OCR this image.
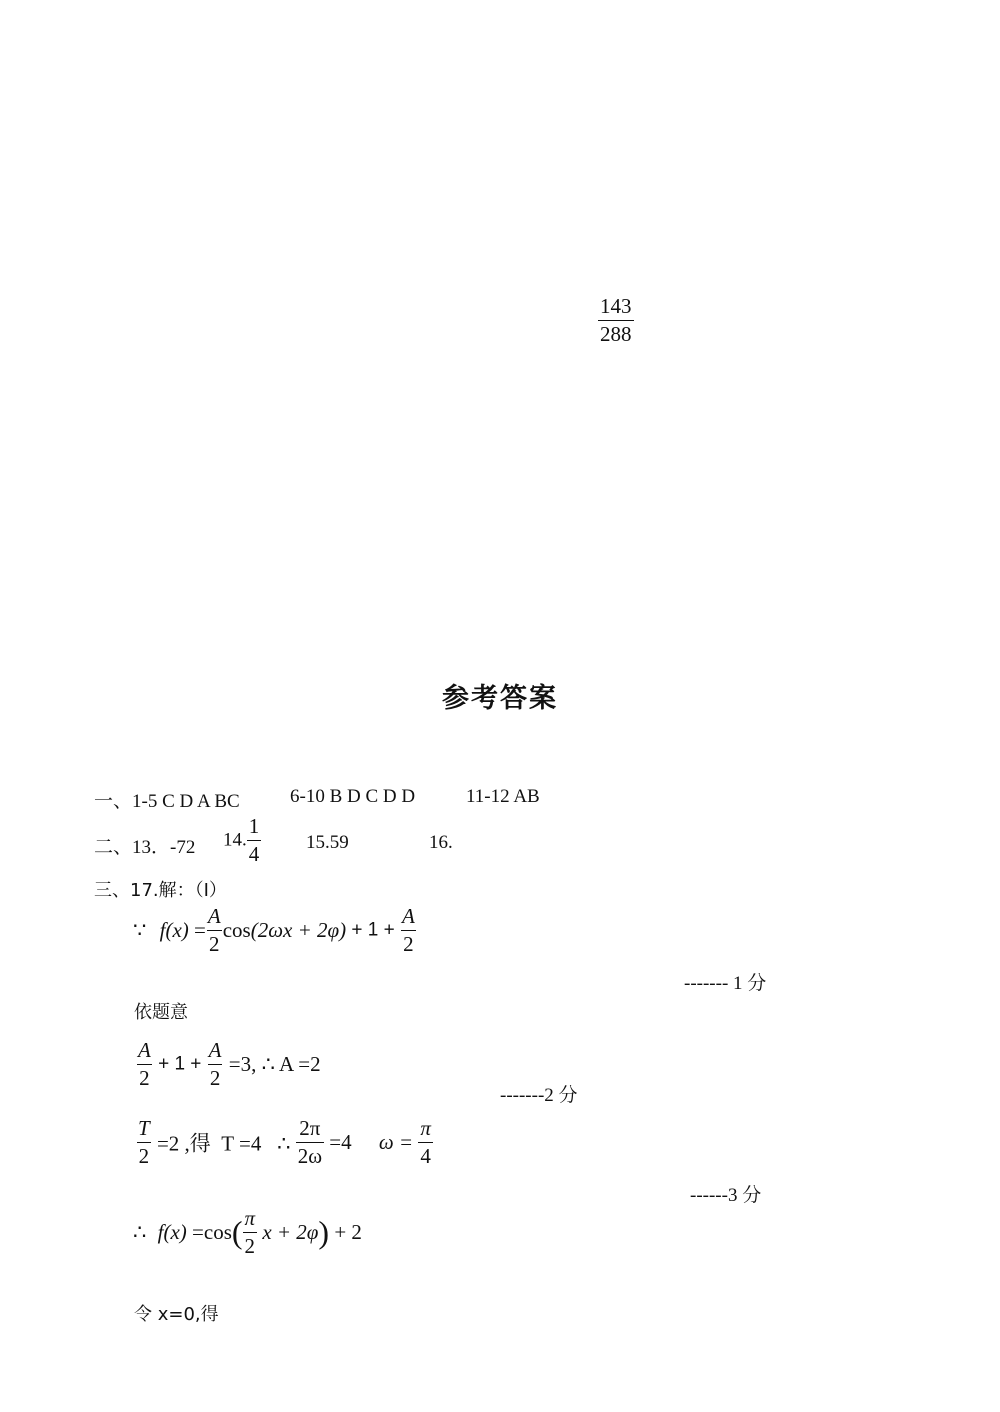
$\frac{143}{288}$
参考答案
一、1-5 C D A BC	6-10 B D C D D	11-12 AB
二、13．-72 14. $\frac{1}{4} 15.59$	16.
三、17.解：（Ⅰ）
∵ $f(x) = \frac{A}{2} \cos(2\omega x + 2\varphi) + 1 + \frac{A}{2}$
------- 1 分
依题意
$\frac{A}{2} + 1 + \frac{A}{2} =3$, ∴ A =2
-------2 分
$\frac{T}{2} =2$ ,得  T =4   ∴ $\frac{2\pi}{2\omega} =4$ $\omega = \frac{\pi}{4}$
------3 分
∴ $f(x) =\cos( \frac{\pi}{2}$ x + 2φ) + 2
令 x=0,得
